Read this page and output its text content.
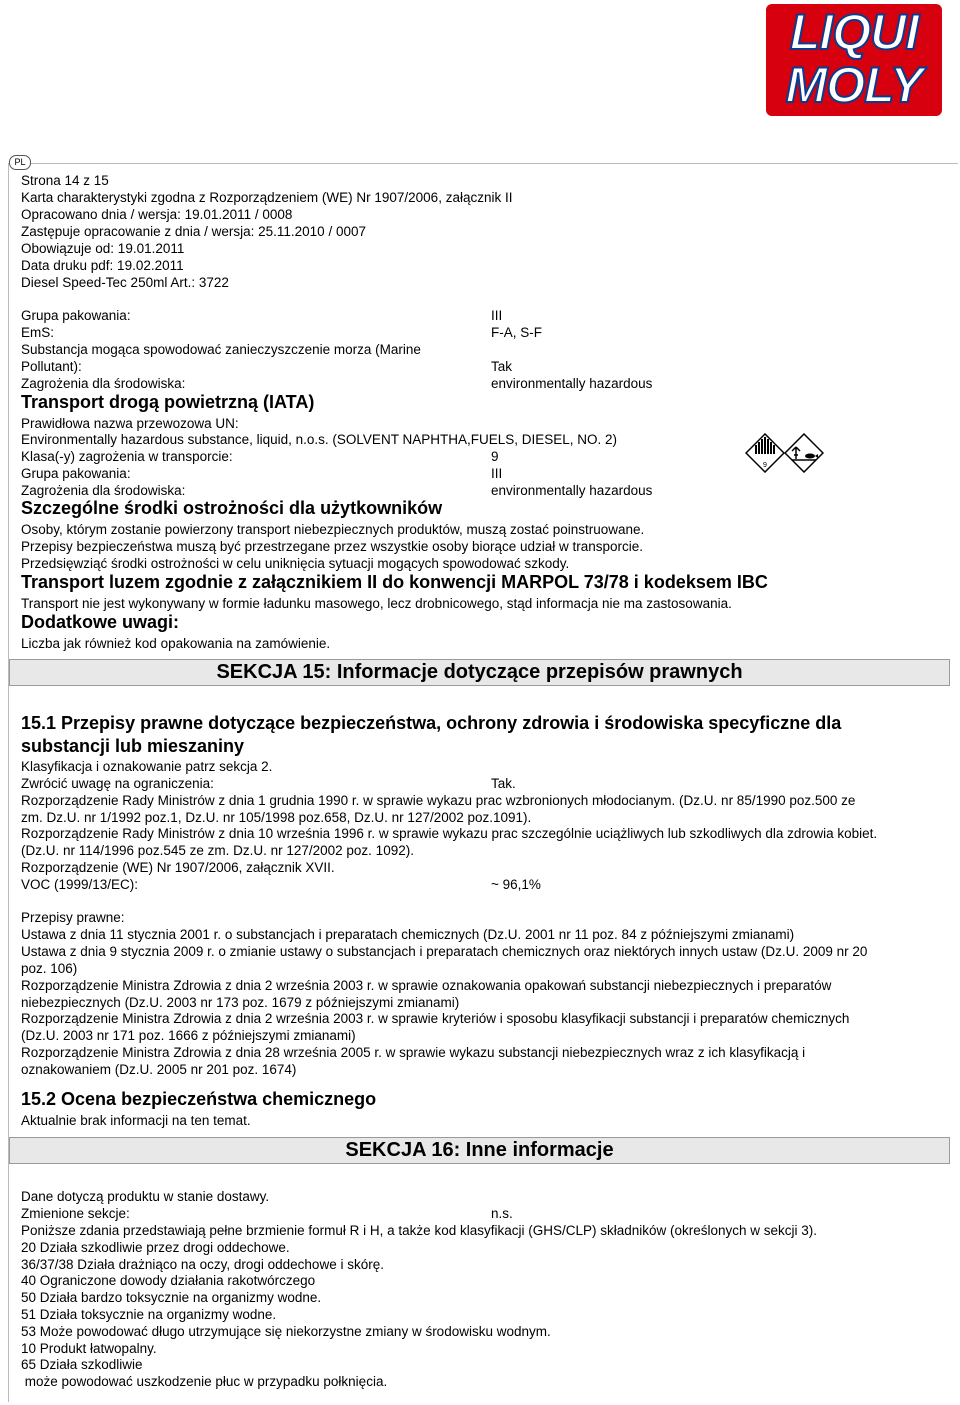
LIQUI
MOLY
PL
Strona 14 z 15
Karta charakterystyki zgodna z Rozporządzeniem (WE) Nr 1907/2006, załącznik II
Opracowano dnia / wersja: 19.01.2011 / 0008
Zastępuje opracowanie z dnia / wersja: 25.11.2010 / 0007
Obowiązuje od: 19.01.2011
Data druku pdf: 19.02.2011
Diesel Speed-Tec 250ml Art.: 3722
Grupa pakowania:	III
EmS:	F-A, S-F
Substancja mogąca spowodować zanieczyszczenie morza (Marine
Pollutant):	Tak
Zagrożenia dla środowiska:	environmentally hazardous
Transport drogą powietrzną (IATA)
Prawidłowa nazwa przewozowa UN:
Environmentally hazardous substance, liquid, n.o.s. (SOLVENT NAPHTHA,FUELS, DIESEL, NO. 2)
Klasa(-y) zagrożenia w transporcie:	9
Grupa pakowania:	III
Zagrożenia dla środowiska:	environmentally hazardous
9
Szczególne środki ostrożności dla użytkowników
Osoby, którym zostanie powierzony transport niebezpiecznych produktów, muszą zostać poinstruowane.
Przepisy bezpieczeństwa muszą być przestrzegane przez wszystkie osoby biorące udział w transporcie.
Przedsięwziąć środki ostrożności w celu uniknięcia sytuacji mogących spowodować szkody.
Transport luzem zgodnie z załącznikiem II do konwencji MARPOL 73/78 i kodeksem IBC
Transport nie jest wykonywany w formie ładunku masowego, lecz drobnicowego, stąd informacja nie ma zastosowania.
Dodatkowe uwagi:
Liczba jak również kod opakowania na zamówienie.
SEKCJA 15: Informacje dotyczące przepisów prawnych
15.1 Przepisy prawne dotyczące bezpieczeństwa, ochrony zdrowia i środowiska specyficzne dla
substancji lub mieszaniny
Klasyfikacja i oznakowanie patrz sekcja 2.
Zwrócić uwagę na ograniczenia:	Tak.
Rozporządzenie Rady Ministrów z dnia 1 grudnia 1990 r. w sprawie wykazu prac wzbronionych młodocianym. (Dz.U. nr 85/1990 poz.500 ze
zm. Dz.U. nr 1/1992 poz.1, Dz.U. nr 105/1998 poz.658, Dz.U. nr 127/2002 poz.1091).
Rozporządzenie Rady Ministrów z dnia 10 września 1996 r. w sprawie wykazu prac szczególnie uciążliwych lub szkodliwych dla zdrowia kobiet.
(Dz.U. nr 114/1996 poz.545 ze zm. Dz.U. nr 127/2002 poz. 1092).
Rozporządzenie (WE) Nr 1907/2006, załącznik XVII.
VOC (1999/13/EC):	~ 96,1%
Przepisy prawne:
Ustawa z dnia 11 stycznia 2001 r. o substancjach i preparatach chemicznych (Dz.U. 2001 nr 11 poz. 84 z późniejszymi zmianami)
Ustawa z dnia 9 stycznia 2009 r. o zmianie ustawy o substancjach i preparatach chemicznych oraz niektórych innych ustaw (Dz.U. 2009 nr 20
poz. 106)
Rozporządzenie Ministra Zdrowia z dnia 2 września 2003 r. w sprawie oznakowania opakowań substancji niebezpiecznych i preparatów
niebezpiecznych (Dz.U. 2003 nr 173 poz. 1679 z późniejszymi zmianami)
Rozporządzenie Ministra Zdrowia z dnia 2 września 2003 r. w sprawie kryteriów i sposobu klasyfikacji substancji i preparatów chemicznych
(Dz.U. 2003 nr 171 poz. 1666 z późniejszymi zmianami)
Rozporządzenie Ministra Zdrowia z dnia 28 września 2005 r. w sprawie wykazu substancji niebezpiecznych wraz z ich klasyfikacją i
oznakowaniem (Dz.U. 2005 nr 201 poz. 1674)
15.2 Ocena bezpieczeństwa chemicznego
Aktualnie brak informacji na ten temat.
SEKCJA 16: Inne informacje
Dane dotyczą produktu w stanie dostawy.
Zmienione sekcje:	n.s.
Poniższe zdania przedstawiają pełne brzmienie formuł R i H, a także kod klasyfikacji (GHS/CLP) składników (określonych w sekcji 3).
20 Działa szkodliwie przez drogi oddechowe.
36/37/38 Działa drażniąco na oczy, drogi oddechowe i skórę.
40 Ograniczone dowody działania rakotwórczego
50 Działa bardzo toksycznie na organizmy wodne.
51 Działa toksycznie na organizmy wodne.
53 Może powodować długo utrzymujące się niekorzystne zmiany w środowisku wodnym.
10 Produkt łatwopalny.
65 Działa szkodliwie
może powodować uszkodzenie płuc w przypadku połknięcia.
